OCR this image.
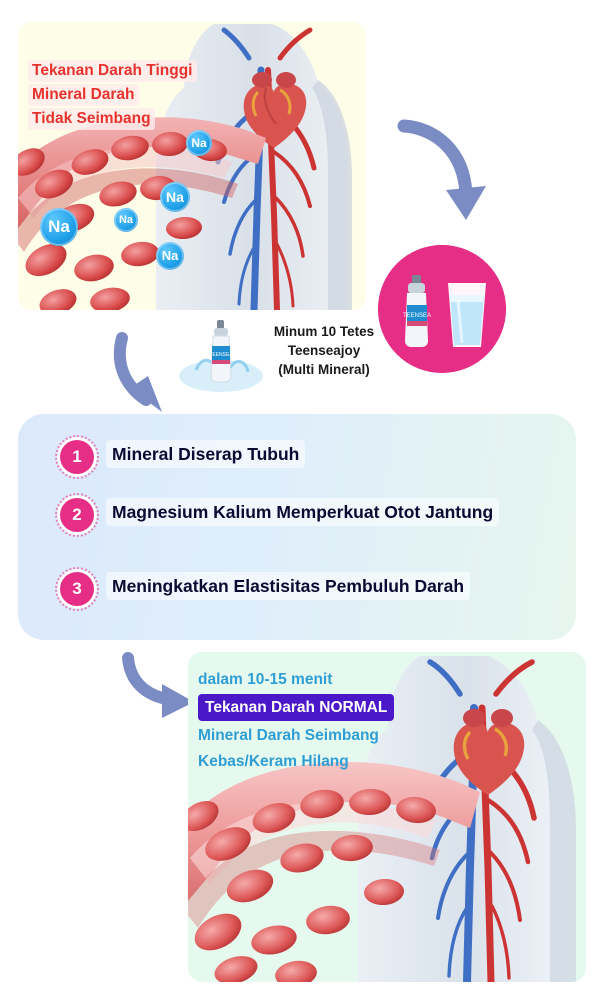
Na
Na
Na
Na
Na
Tekanan Darah Tinggi
Mineral Darah
Tidak Seimbang
TEENSEA
TEENSEA
Minum 10 Tetes
Teenseajoy
(Multi Mineral)
1	Mineral Diserap Tubuh
2	Magnesium Kalium Memperkuat Otot Jantung
3	Meningkatkan Elastisitas Pembuluh Darah
dalam 10-15 menit
Tekanan Darah NORMAL
Mineral Darah Seimbang
Kebas/Keram Hilang
